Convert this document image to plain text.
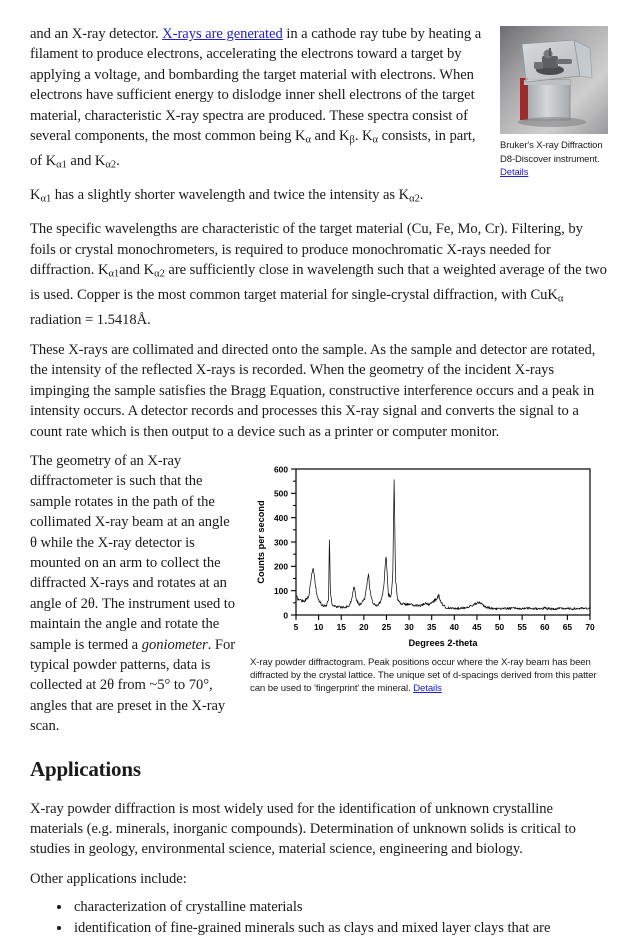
Bruker's X-ray Diffraction D8-Discover instrument. Details

and an X-ray detector. X-rays are generated in a cathode ray tube by heating a filament to produce electrons, accelerating the electrons toward a target by applying a voltage, and bombarding the target material with electrons. When electrons have sufficient energy to dislodge inner shell electrons of the target material, characteristic X-ray spectra are produced. These spectra consist of several components, the most common being $K_\alpha$ and $K_\beta$. $K_\alpha$ consists, in part, of $K_{\alpha 1}$ and $K_{\alpha 2}$.

$K_{\alpha 1}$ has a slightly shorter wavelength and twice the intensity as $K_{\alpha 2}$.

The specific wavelengths are characteristic of the target material (Cu, Fe, Mo, Cr). Filtering, by foils or crystal monochrometers, is required to produce monochromatic X-rays needed for diffraction. $K_{\alpha 1}and$ $K_{\alpha 2}$ are sufficiently close in wavelength such that a weighted average of the two is used. Copper is the most common target material for single-crystal diffraction, with CuK$_\alpha$ radiation = 1.5418Å.

These X-rays are collimated and directed onto the sample. As the sample and detector are rotated, the intensity of the reflected X-rays is recorded. When the geometry of the incident X-rays impinging the sample satisfies the Bragg Equation, constructive interference occurs and a peak in intensity occurs. A detector records and processes this X-ray signal and converts the signal to a count rate which is then output to a device such as a printer or computer monitor.

0
100
200
300
400
500
600
5 10 15 20 25 30 35 40 45 50 55 60 65 70
Degrees 2-theta
Counts per second
X-ray powder diffractogram. Peak positions occur where the X-ray beam has been diffracted by the crystal lattice. The unique set of d-spacings derived from this patter can be used to 'fingerprint' the mineral. Details

The geometry of an X-ray diffractometer is such that the sample rotates in the path of the collimated X-ray beam at an angle θ while the X-ray detector is mounted on an arm to collect the diffracted X-rays and rotates at an angle of 2θ. The instrument used to maintain the angle and rotate the sample is termed a goniometer. For typical powder patterns, data is collected at 2θ from ~5° to 70°, angles that are preset in the X-ray scan.

Applications

X-ray powder diffraction is most widely used for the identification of unknown crystalline materials (e.g. minerals, inorganic compounds). Determination of unknown solids is critical to studies in geology, environmental science, material science, engineering and biology.

Other applications include:

• characterization of crystalline materials
• identification of fine-grained minerals such as clays and mixed layer clays that are
